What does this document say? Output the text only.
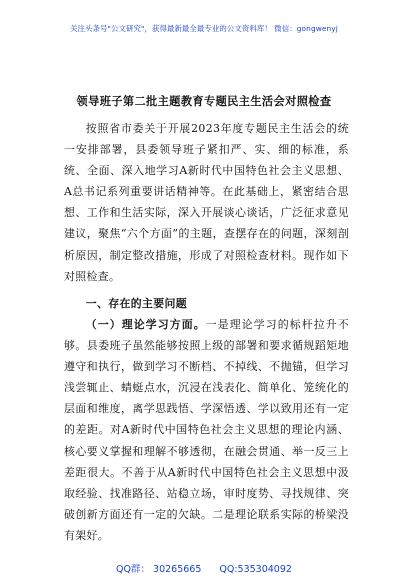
关注头条号"公文研究"，获得最新最全最专业的公文资料库！ 微信：gongwenyj
领导班子第二批主题教育专题民主生活会对照检查

按照省市委关于开展2023年度专题民主生活会的统一安排部署，县委领导班子紧扣严、实、细的标准，系统、全面、深入地学习A新时代中国特色社会主义思想、A总书记系列重要讲话精神等。在此基础上，紧密结合思想、工作和生活实际，深入开展谈心谈话，广泛征求意见建议，聚焦“六个方面”的主题，查摆存在的问题，深刻剖析原因，制定整改措施，形成了对照检查材料。现作如下对照检查。

一、存在的主要问题

（一）理论学习方面。一是理论学习的标杆拉升不够。县委班子虽然能够按照上级的部署和要求循规蹈矩地遵守和执行，做到学习不断档、不掉线、不抛锚，但学习浅尝辄止、蜻蜓点水，沉浸在浅表化、简单化、笼统化的层面和维度，离学思践悟、学深悟透、学以致用还有一定的差距。对A新时代中国特色社会主义思想的理论内涵、核心要义掌握和理解不够透彻，在融会贯通、举一反三上差距很大。不善于从A新时代中国特色社会主义思想中汲取经验、找准路径、站稳立场，审时度势、寻找规律、突破创新方面还有一定的欠缺。二是理论联系实际的桥梁没有架好。

QQ群： 30265665 QQ:535304092
